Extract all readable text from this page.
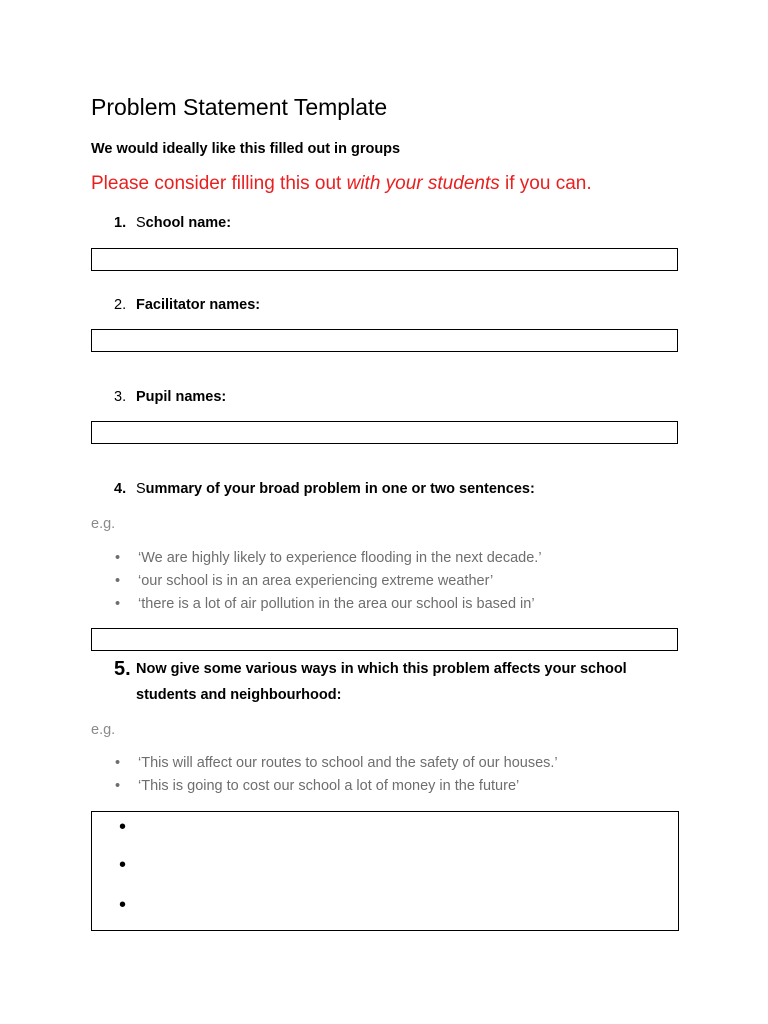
Problem Statement Template
We would ideally like this filled out in groups
Please consider filling this out with your students if you can.
1. School name:
2. Facilitator names:
3. Pupil names:
4. Summary of your broad problem in one or two sentences:
e.g.
• ‘We are highly likely to experience flooding in the next decade.’
• ‘our school is in an area experiencing extreme weather’
• ‘there is a lot of air pollution in the area our school is based in’
5. Now give some various ways in which this problem affects your school
students and neighbourhood:
e.g.
• ‘This will affect our routes to school and the safety of our houses.’
• ‘This is going to cost our school a lot of money in the future’
•
•
•
